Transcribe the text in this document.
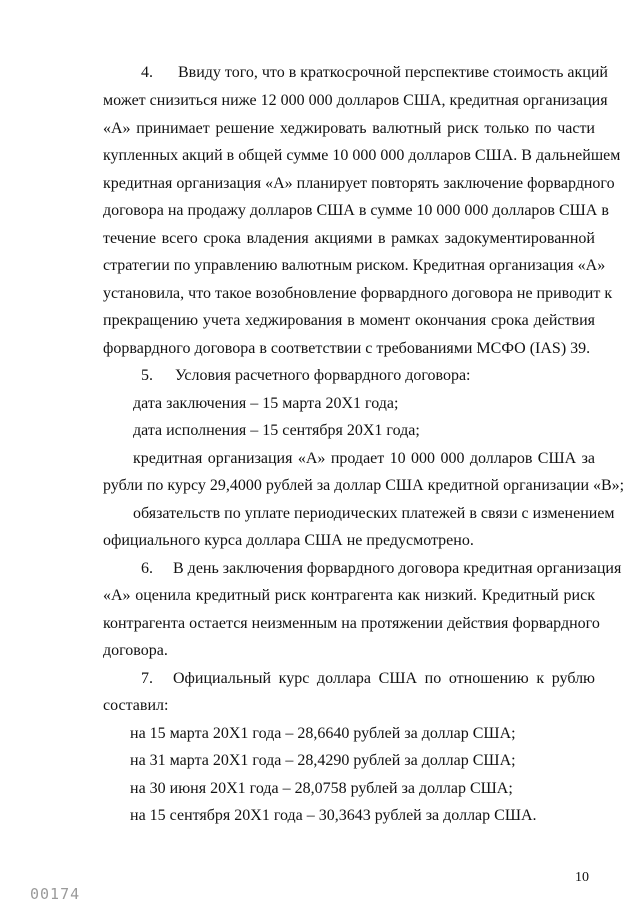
4. Ввиду того, что в краткосрочной перспективе стоимость акций
может снизиться ниже 12 000 000 долларов США, кредитная организация
«А» принимает решение хеджировать валютный риск только по части
купленных акций в общей сумме 10 000 000 долларов США. В дальнейшем
кредитная организация «А» планирует повторять заключение форвардного
договора на продажу долларов США в сумме 10 000 000 долларов США в
течение всего срока владения акциями в рамках задокументированной
стратегии по управлению валютным риском. Кредитная организация «А»
установила, что такое возобновление форвардного договора не приводит к
прекращению учета хеджирования в момент окончания срока действия
форвардного договора в соответствии с требованиями МСФО (IAS) 39.
5. Условия расчетного форвардного договора:
дата заключения – 15 марта 20Х1 года;
дата исполнения – 15 сентября 20Х1 года;
кредитная организация «А» продает 10 000 000 долларов США за
рубли по курсу 29,4000 рублей за доллар США кредитной организации «В»;
обязательств по уплате периодических платежей в связи с изменением
официального курса доллара США не предусмотрено.
6. В день заключения форвардного договора кредитная организация
«А» оценила кредитный риск контрагента как низкий. Кредитный риск
контрагента остается неизменным на протяжении действия форвардного
договора.
7. Официальный курс доллара США по отношению к рублю
составил:
на 15 марта 20Х1 года – 28,6640 рублей за доллар США;
на 31 марта 20Х1 года – 28,4290 рублей за доллар США;
на 30 июня 20Х1 года – 28,0758 рублей за доллар США;
на 15 сентября 20Х1 года – 30,3643 рублей за доллар США.
10
00174
